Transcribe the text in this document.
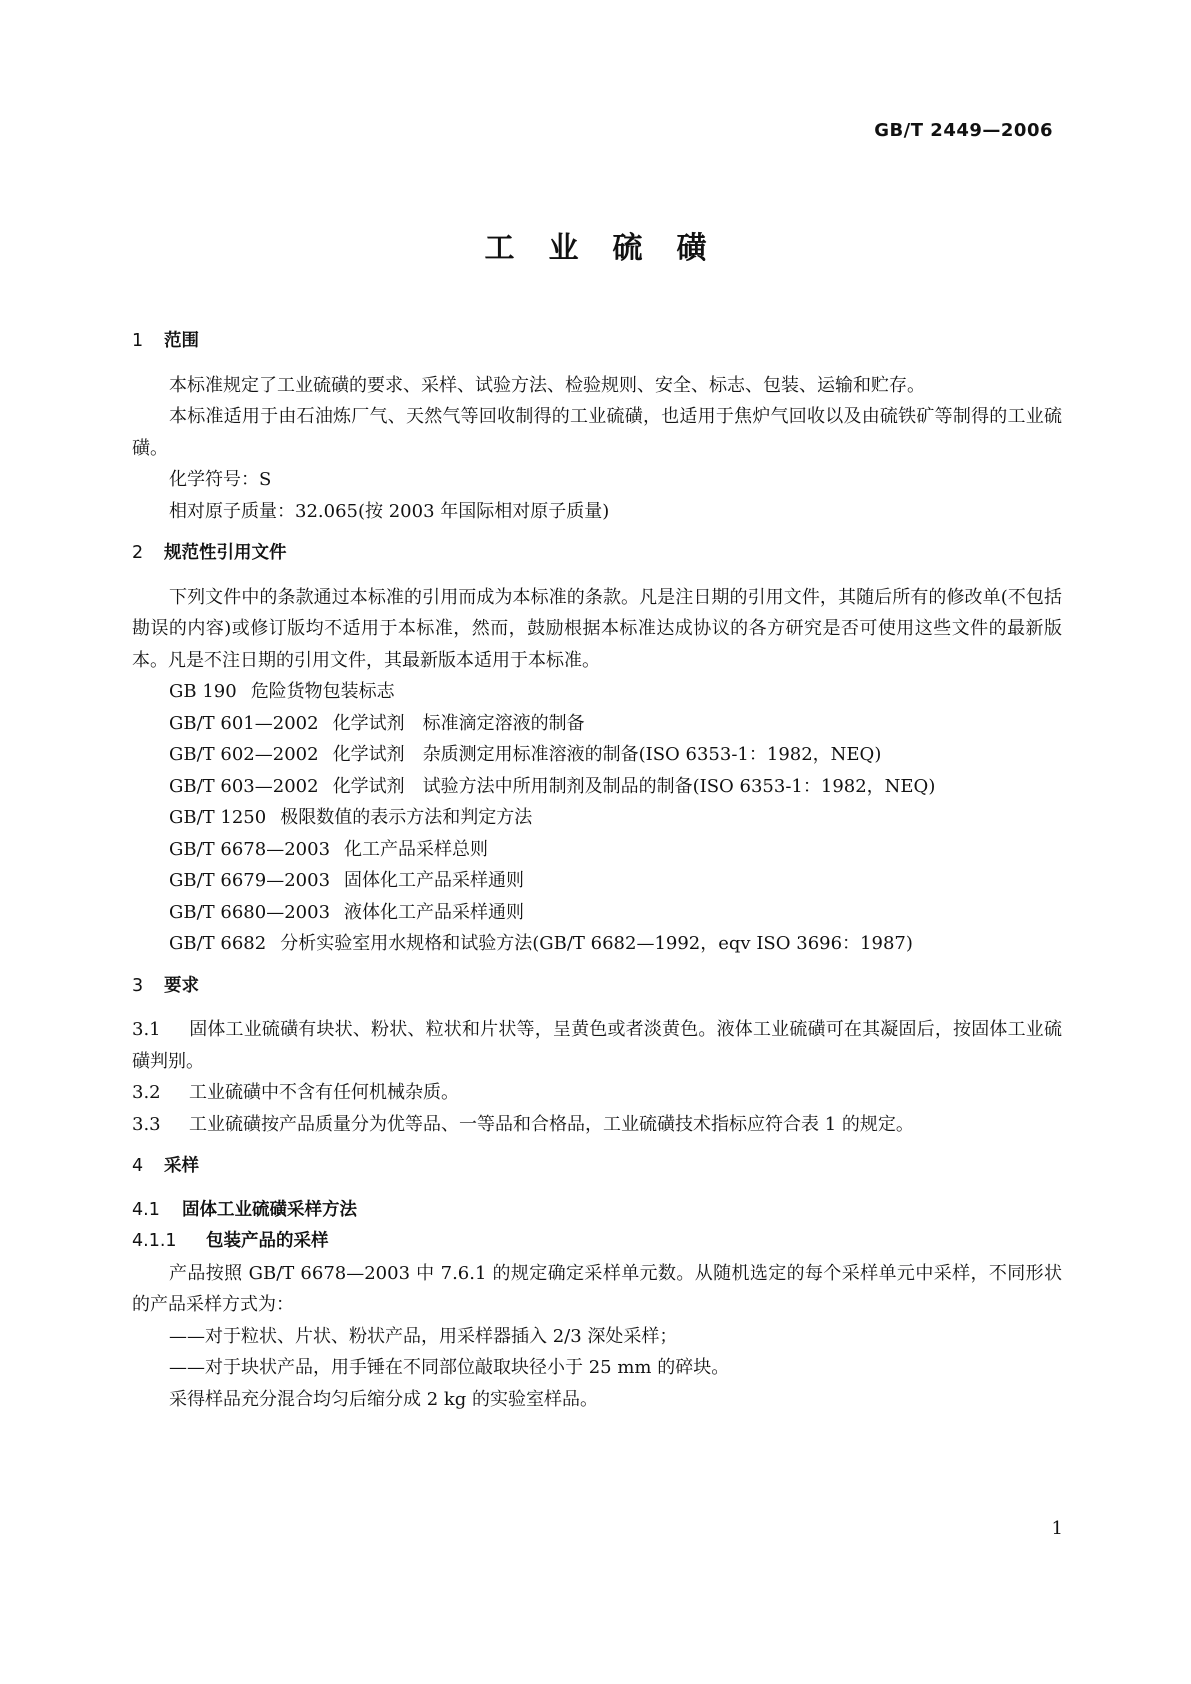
GB/T 2449—2006
工业硫磺
1 范围

本标准规定了工业硫磺的要求、采样、试验方法、检验规则、安全、标志、包装、运输和贮存。

本标准适用于由石油炼厂气、天然气等回收制得的工业硫磺，也适用于焦炉气回收以及由硫铁矿等制得的工业硫磺。

化学符号：S

相对原子质量：32.065(按 2003 年国际相对原子质量)

2 规范性引用文件

下列文件中的条款通过本标准的引用而成为本标准的条款。凡是注日期的引用文件，其随后所有的修改单(不包括勘误的内容)或修订版均不适用于本标准，然而，鼓励根据本标准达成协议的各方研究是否可使用这些文件的最新版本。凡是不注日期的引用文件，其最新版本适用于本标准。

GB 190 危险货物包装标志

GB/T 601—2002 化学试剂　标准滴定溶液的制备

GB/T 602—2002 化学试剂　杂质测定用标准溶液的制备(ISO 6353-1：1982，NEQ)

GB/T 603—2002 化学试剂　试验方法中所用制剂及制品的制备(ISO 6353-1：1982，NEQ)

GB/T 1250 极限数值的表示方法和判定方法

GB/T 6678—2003 化工产品采样总则

GB/T 6679—2003 固体化工产品采样通则

GB/T 6680—2003 液体化工产品采样通则

GB/T 6682 分析实验室用水规格和试验方法(GB/T 6682—1992，eqv ISO 3696：1987)

3 要求

3.1 固体工业硫磺有块状、粉状、粒状和片状等，呈黄色或者淡黄色。液体工业硫磺可在其凝固后，按固体工业硫磺判别。

3.2 工业硫磺中不含有任何机械杂质。

3.3 工业硫磺按产品质量分为优等品、一等品和合格品，工业硫磺技术指标应符合表 1 的规定。

4 采样
4.1 固体工业硫磺采样方法
4.1.1 包装产品的采样

产品按照 GB/T 6678—2003 中 7.6.1 的规定确定采样单元数。从随机选定的每个采样单元中采样，不同形状的产品采样方式为：

——对于粒状、片状、粉状产品，用采样器插入 2/3 深处采样；

——对于块状产品，用手锤在不同部位敲取块径小于 25 mm 的碎块。

采得样品充分混合均匀后缩分成 2 kg 的实验室样品。

1
